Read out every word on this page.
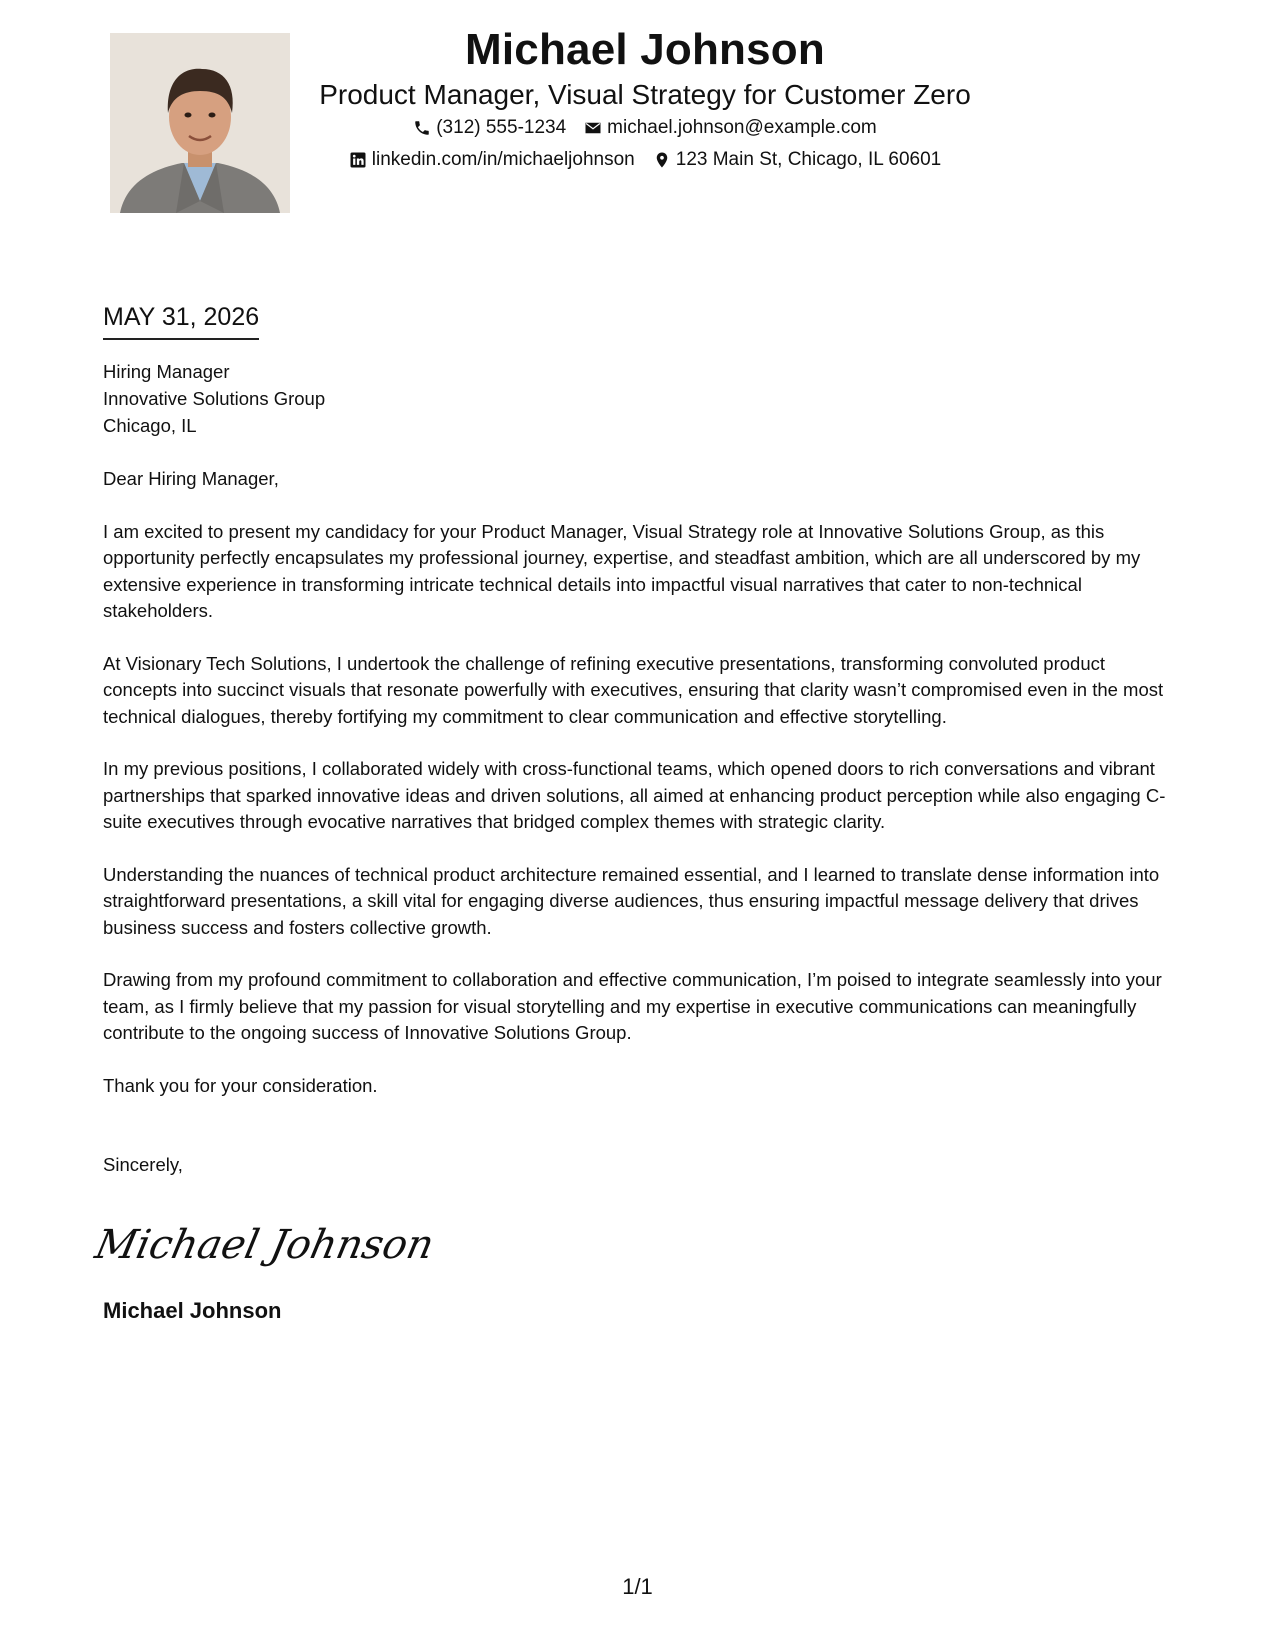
Michael Johnson
Product Manager, Visual Strategy for Customer Zero
(312) 555-1234 michael.johnson@example.com
linkedin.com/in/michaeljohnson 123 Main St, Chicago, IL 60601
MAY 31, 2026
Hiring Manager
Innovative Solutions Group
Chicago, IL

Dear Hiring Manager,

I am excited to present my candidacy for your Product Manager, Visual Strategy role at Innovative Solutions Group, as this opportunity perfectly encapsulates my professional journey, expertise, and steadfast ambition, which are all underscored by my extensive experience in transforming intricate technical details into impactful visual narratives that cater to non-technical stakeholders.

At Visionary Tech Solutions, I undertook the challenge of refining executive presentations, transforming convoluted product concepts into succinct visuals that resonate powerfully with executives, ensuring that clarity wasn’t compromised even in the most technical dialogues, thereby fortifying my commitment to clear communication and effective storytelling.

In my previous positions, I collaborated widely with cross-functional teams, which opened doors to rich conversations and vibrant partnerships that sparked innovative ideas and driven solutions, all aimed at enhancing product perception while also engaging C-suite executives through evocative narratives that bridged complex themes with strategic clarity.

Understanding the nuances of technical product architecture remained essential, and I learned to translate dense information into straightforward presentations, a skill vital for engaging diverse audiences, thus ensuring impactful message delivery that drives business success and fosters collective growth.

Drawing from my profound commitment to collaboration and effective communication, I’m poised to integrate seamlessly into your team, as I firmly believe that my passion for visual storytelling and my expertise in executive communications can meaningfully contribute to the ongoing success of Innovative Solutions Group.

Thank you for your consideration.

Sincerely,
Michael Johnson
Michael Johnson
1/1
